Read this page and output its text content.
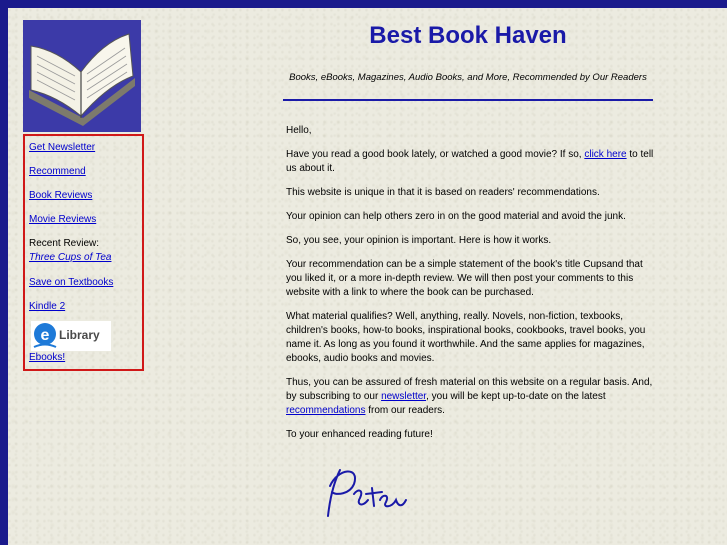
Get Newsletter
Recommend
Book Reviews
Movie Reviews
Recent Review:
Three Cups of Tea
Save on Textbooks
Kindle 2
e Library
Ebooks!
Best Book Haven
Books, eBooks, Magazines, Audio Books, and More, Recommended by Our Readers

Hello,

Have you read a good book lately, or watched a good movie? If so, click here to tell us about it.

This website is unique in that it is based on readers' recommendations.

Your opinion can help others zero in on the good material and avoid the junk.

So, you see, your opinion is important. Here is how it works.

Your recommendation can be a simple statement of the book's title Cupsand that you liked it, or a more in-depth review. We will then post your comments to this website with a link to where the book can be purchased.

What material qualifies? Well, anything, really. Novels, non-fiction, texbooks, children's books, how-to books, inspirational books, cookbooks, travel books, you name it. As long as you found it worthwhile. And the same applies for magazines, ebooks, audio books and movies.

Thus, you can be assured of fresh material on this website on a regular basis. And, by subscribing to our newsletter, you will be kept up-to-date on the latest recommendations from our readers.

To your enhanced reading future!
